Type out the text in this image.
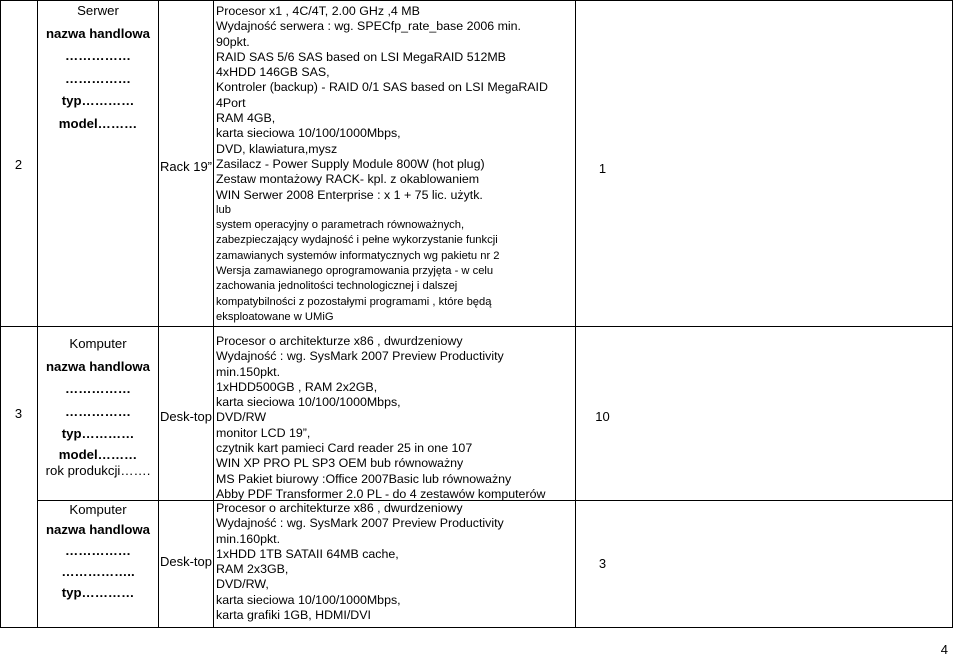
2
Serwer
nazwa handlowa
……………
……………
typ…………
model………
Rack 19”
Procesor x1 , 4C/4T, 2.00 GHz ,4 MB
Wydajność serwera : wg. SPECfp_rate_base 2006 min.
90pkt.
RAID SAS 5/6 SAS based on LSI MegaRAID 512MB
4xHDD 146GB SAS,
Kontroler (backup) - RAID 0/1 SAS based on LSI MegaRAID
4Port
RAM 4GB,
karta sieciowa 10/100/1000Mbps,
DVD, klawiatura,mysz
Zasilacz - Power Supply Module 800W (hot plug)
Zestaw montażowy RACK- kpl. z okablowaniem
WIN Serwer 2008 Enterprise : x 1 + 75 lic. użytk.
lub
system operacyjny o parametrach równoważnych,
zabezpieczający wydajność i pełne wykorzystanie funkcji
zamawianych systemów informatycznych wg pakietu nr 2
Wersja zamawianego oprogramowania przyjęta - w celu
zachowania jednolitości technologicznej i dalszej
kompatybilności z pozostałymi programami , które będą
eksploatowane w UMiG
1
3
Komputer
nazwa handlowa
……………
……………
typ…………
model………
rok produkcji…….
Desk-top
Procesor o architekturze x86 , dwurdzeniowy
Wydajność : wg. SysMark 2007 Preview Productivity
min.150pkt.
1xHDD500GB , RAM 2x2GB,
karta sieciowa 10/100/1000Mbps,
DVD/RW
monitor LCD 19”,
czytnik kart pamieci Card reader 25 in one 107
WIN XP PRO PL SP3 OEM bub równoważny
MS Pakiet biurowy :Office 2007Basic lub równoważny
Abby PDF Transformer 2.0 PL - do 4 zestawów komputerów
10
Komputer
nazwa handlowa
……………
……………..
typ…………
Desk-top
Procesor o architekturze x86 , dwurdzeniowy
Wydajność : wg. SysMark 2007 Preview Productivity
min.160pkt.
1xHDD 1TB SATAII 64MB cache,
RAM 2x3GB,
DVD/RW,
karta sieciowa 10/100/1000Mbps,
karta grafiki 1GB, HDMI/DVI
3
4
